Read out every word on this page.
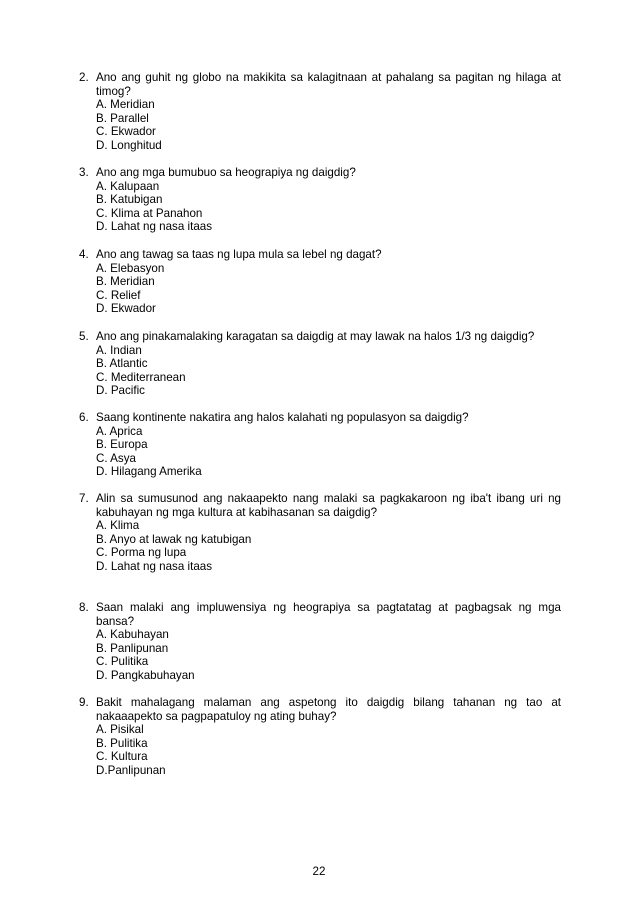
2. Ano ang guhit ng globo na makikita sa kalagitnaan at pahalang sa pagitan ng hilaga at timog?
A. Meridian
B. Parallel
C. Ekwador
D. Longhitud
3. Ano ang mga bumubuo sa heograpiya ng daigdig?
A. Kalupaan
B. Katubigan
C. Klima at Panahon
D. Lahat ng nasa itaas
4. Ano ang tawag sa taas ng lupa mula sa lebel ng dagat?
A. Elebasyon
B. Meridian
C. Relief
D. Ekwador
5. Ano ang pinakamalaking karagatan sa daigdig at may lawak na halos 1/3 ng daigdig?
A. Indian
B. Atlantic
C. Mediterranean
D. Pacific
6. Saang kontinente nakatira ang halos kalahati ng populasyon sa daigdig?
A. Aprica
B. Europa
C. Asya
D. Hilagang Amerika
7. Alin sa sumusunod ang nakaapekto nang malaki sa pagkakaroon ng iba't ibang uri ng kabuhayan ng mga kultura at kabihasanan sa daigdig?
A. Klima
B. Anyo at lawak ng katubigan
C. Porma ng lupa
D. Lahat ng nasa itaas
8. Saan malaki ang impluwensiya ng heograpiya sa pagtatatag at pagbagsak ng mga bansa?
A. Kabuhayan
B. Panlipunan
C. Pulitika
D. Pangkabuhayan
9. Bakit mahalagang malaman ang aspetong ito daigdig bilang tahanan ng tao at nakaaapekto sa pagpapatuloy ng ating buhay?
A. Pisikal
B. Pulitika
C. Kultura
D.Panlipunan
22
